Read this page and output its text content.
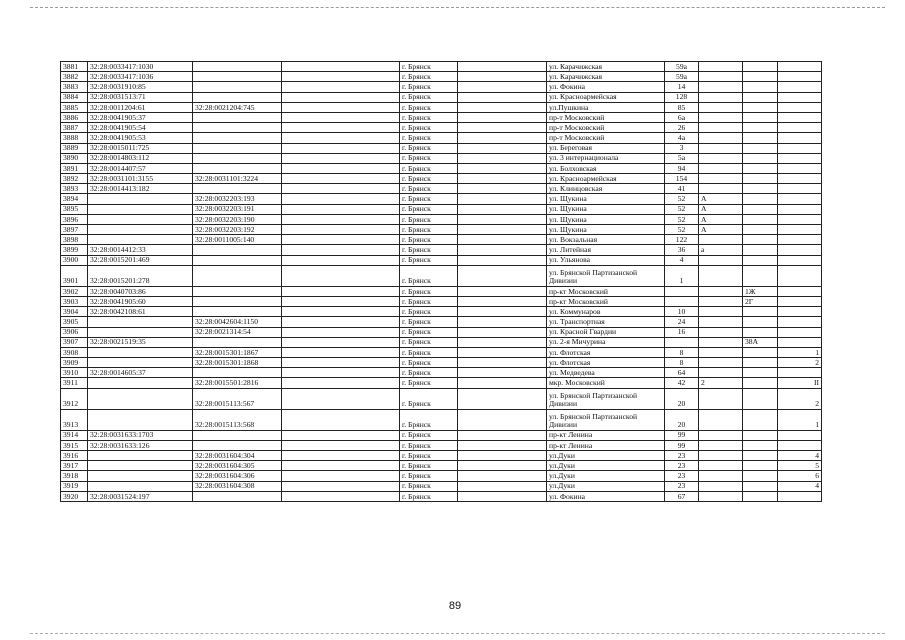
3881	32:28:0033417:1030			г. Брянск		ул. Карачижская	59а			
3882	32:28:0033417:1036			г. Брянск		ул. Карачижская	59а			
3883	32:28:0031910:85			г. Брянск		ул. Фокина	14			
3884	32:28:0031513:71			г. Брянск		ул. Красноармейская	128			
3885	32:28:0011204:61	32:28:0021204:745		г. Брянск		ул.Пушкина	85			
3886	32:28:0041905:37			г. Брянск		пр-т Московский	6а			
3887	32:28:0041905:54			г. Брянск		пр-т Московский	26			
3888	32:28:0041905:53			г. Брянск		пр-т Московский	4а			
3889	32:28:0015011:725			г. Брянск		ул. Береговая	3			
3890	32:28:0014803:112			г. Брянск		ул. 3 интернационала	5а			
3891	32:28:0014407:57			г. Брянск		ул. Болховская	94			
3892	32:28:0031101:3155	32:28:0031101:3224		г. Брянск		ул. Красноармейская	154			
3893	32:28:0014413:182			г. Брянск		ул. Клинцовская	41			
3894		32:28:0032203:193		г. Брянск		ул. Щукина	52	А		
3895		32:28:0032203:191		г. Брянск		ул. Щукина	52	А		
3896		32:28:0032203:190		г. Брянск		ул. Щукина	52	А		
3897		32:28:0032203:192		г. Брянск		ул. Щукина	52	А		
3898		32:28:0011005:140		г. Брянск		ул. Вокзальная	122			
3899	32:28:0014412:33			г. Брянск		ул. Литейная	36	а		
3900	32:28:0015201:469			г. Брянск		ул. Ульянова	4			
3901	32:28:0015201:278			г. Брянск		ул. Брянской Партизанской Дивизии	1			
3902	32:28:0040703:86			г. Брянск		пр-кт Московский			1Ж	
3903	32:28:0041905:60			г. Брянск		пр-кт Московский			2Г	
3904	32:28:0042108:61			г. Брянск		ул. Коммунаров	10			
3905		32:28:0042604:1150		г. Брянск		ул. Транспортная	24			
3906		32:28:0021314:54		г. Брянск		ул. Красной Гвардии	16			
3907	32:28:0021519:35			г. Брянск		ул. 2-я Мичурина			38А	
3908		32:28:0015301:1867		г. Брянск		ул. Флотская	8			1
3909		32:28:0015301:1868		г. Брянск		ул. Флотская	8			2
3910	32:28:0014605:37			г. Брянск		ул. Медведева	64			
3911		32:28:0015501:2816		г. Брянск		мкр. Московский	42	2		II
3912		32:28:0015113:567		г. Брянск		ул. Брянской Партизанской Дивизии	20			2
3913		32:28:0015113:568		г. Брянск		ул. Брянской Партизанской Дивизии	20			1
3914	32:28:0031633:1703			г. Брянск		пр-кт Ленина	99			
3915	32:28:0031633:126			г. Брянск		пр-кт Ленина	99			
3916		32:28:0031604:304		г. Брянск		ул.Дуки	23			4
3917		32:28:0031604:305		г. Брянск		ул.Дуки	23			5
3918		32:28:0031604:306		г. Брянск		ул.Дуки	23			6
3919		32:28:0031604:308		г. Брянск		ул.Дуки	23			4
3920	32:28:0031524:197			г. Брянск		ул. Фокина	67			
89
